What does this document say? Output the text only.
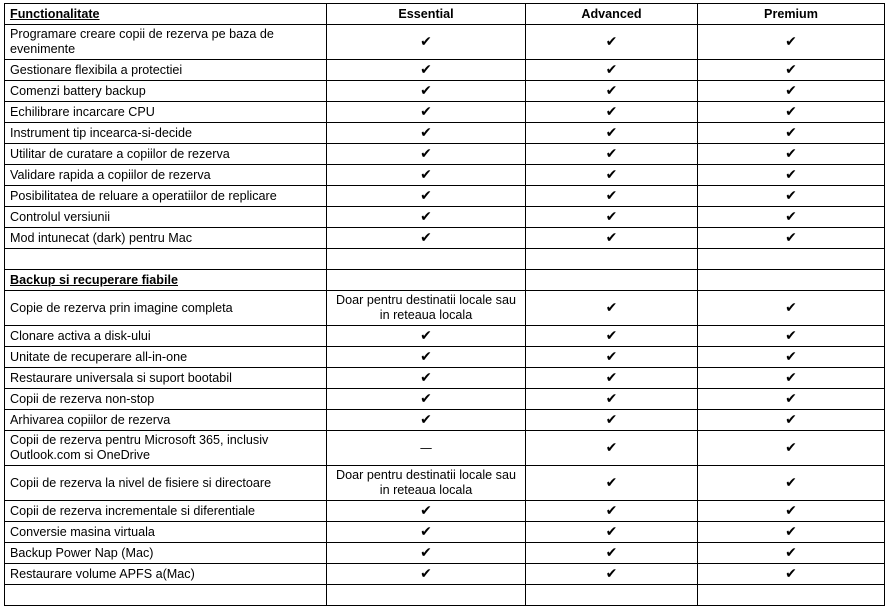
Functionalitate	Essential	Advanced	Premium
Programare creare copii de rezerva pe baza de evenimente	✔	✔	✔
Gestionare flexibila a protectiei	✔	✔	✔
Comenzi battery backup	✔	✔	✔
Echilibrare incarcare CPU	✔	✔	✔
Instrument tip incearca-si-decide	✔	✔	✔
Utilitar de curatare a copiilor de rezerva	✔	✔	✔
Validare rapida a copiilor de rezerva	✔	✔	✔
Posibilitatea de reluare a operatiilor de replicare	✔	✔	✔
Controlul versiunii	✔	✔	✔
Mod intunecat (dark) pentru Mac	✔	✔	✔

Backup si recuperare fiabile			
Copie de rezerva prin imagine completa	Doar pentru destinatii locale sau in reteaua locala	✔	✔
Clonare activa a disk-ului	✔	✔	✔
Unitate de recuperare all-in-one	✔	✔	✔
Restaurare universala si suport bootabil	✔	✔	✔
Copii de rezerva non-stop	✔	✔	✔
Arhivarea copiilor de rezerva	✔	✔	✔
Copii de rezerva pentru Microsoft 365, inclusiv Outlook.com si OneDrive	—	✔	✔
Copii de rezerva la nivel de fisiere si directoare	Doar pentru destinatii locale sau in reteaua locala	✔	✔
Copii de rezerva incrementale si diferentiale	✔	✔	✔
Conversie masina virtuala	✔	✔	✔
Backup Power Nap (Mac)	✔	✔	✔
Restaurare volume APFS a(Mac)	✔	✔	✔
